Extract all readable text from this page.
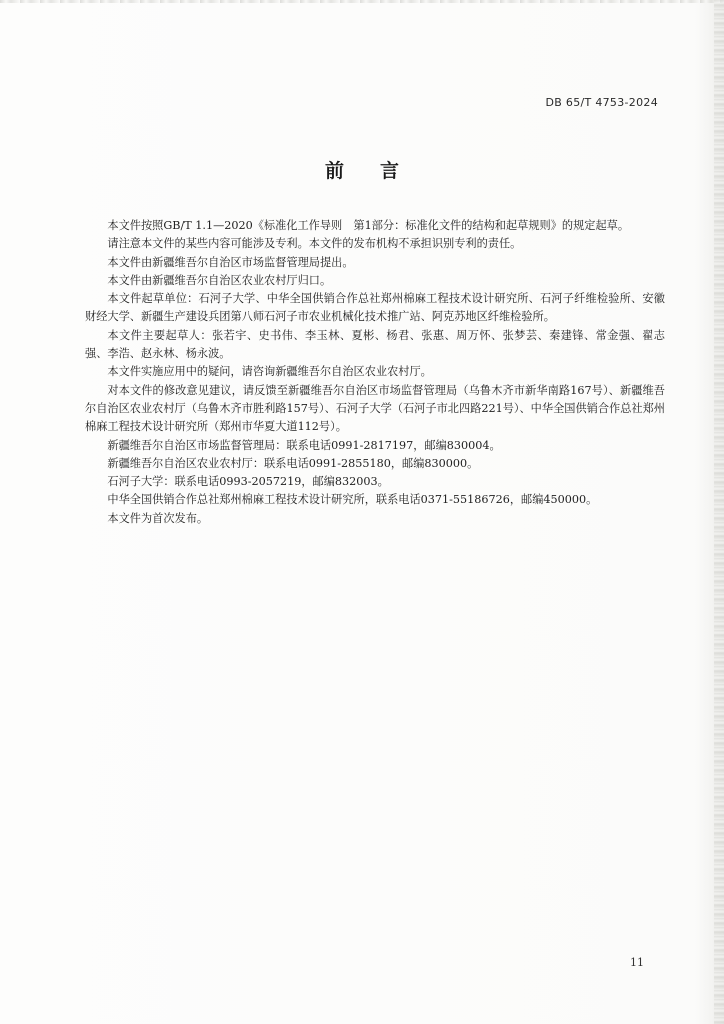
DB 65/T 4753-2024
前言

本文件按照GB/T 1.1—2020《标准化工作导则　第1部分：标准化文件的结构和起草规则》的规定起草。

请注意本文件的某些内容可能涉及专利。本文件的发布机构不承担识别专利的责任。

本文件由新疆维吾尔自治区市场监督管理局提出。

本文件由新疆维吾尔自治区农业农村厅归口。

本文件起草单位：石河子大学、中华全国供销合作总社郑州棉麻工程技术设计研究所、石河子纤维检验所、安徽财经大学、新疆生产建设兵团第八师石河子市农业机械化技术推广站、阿克苏地区纤维检验所。

本文件主要起草人：张若宇、史书伟、李玉林、夏彬、杨君、张惠、周万怀、张梦芸、秦建锋、常金强、翟志强、李浩、赵永林、杨永波。

本文件实施应用中的疑问，请咨询新疆维吾尔自治区农业农村厅。

对本文件的修改意见建议，请反馈至新疆维吾尔自治区市场监督管理局（乌鲁木齐市新华南路167号）、新疆维吾尔自治区农业农村厅（乌鲁木齐市胜利路157号）、石河子大学（石河子市北四路221号）、中华全国供销合作总社郑州棉麻工程技术设计研究所（郑州市华夏大道112号）。

新疆维吾尔自治区市场监督管理局：联系电话0991-2817197，邮编830004。

新疆维吾尔自治区农业农村厅：联系电话0991-2855180，邮编830000。

石河子大学：联系电话0993-2057219，邮编832003。

中华全国供销合作总社郑州棉麻工程技术设计研究所，联系电话0371-55186726，邮编450000。

本文件为首次发布。

11
